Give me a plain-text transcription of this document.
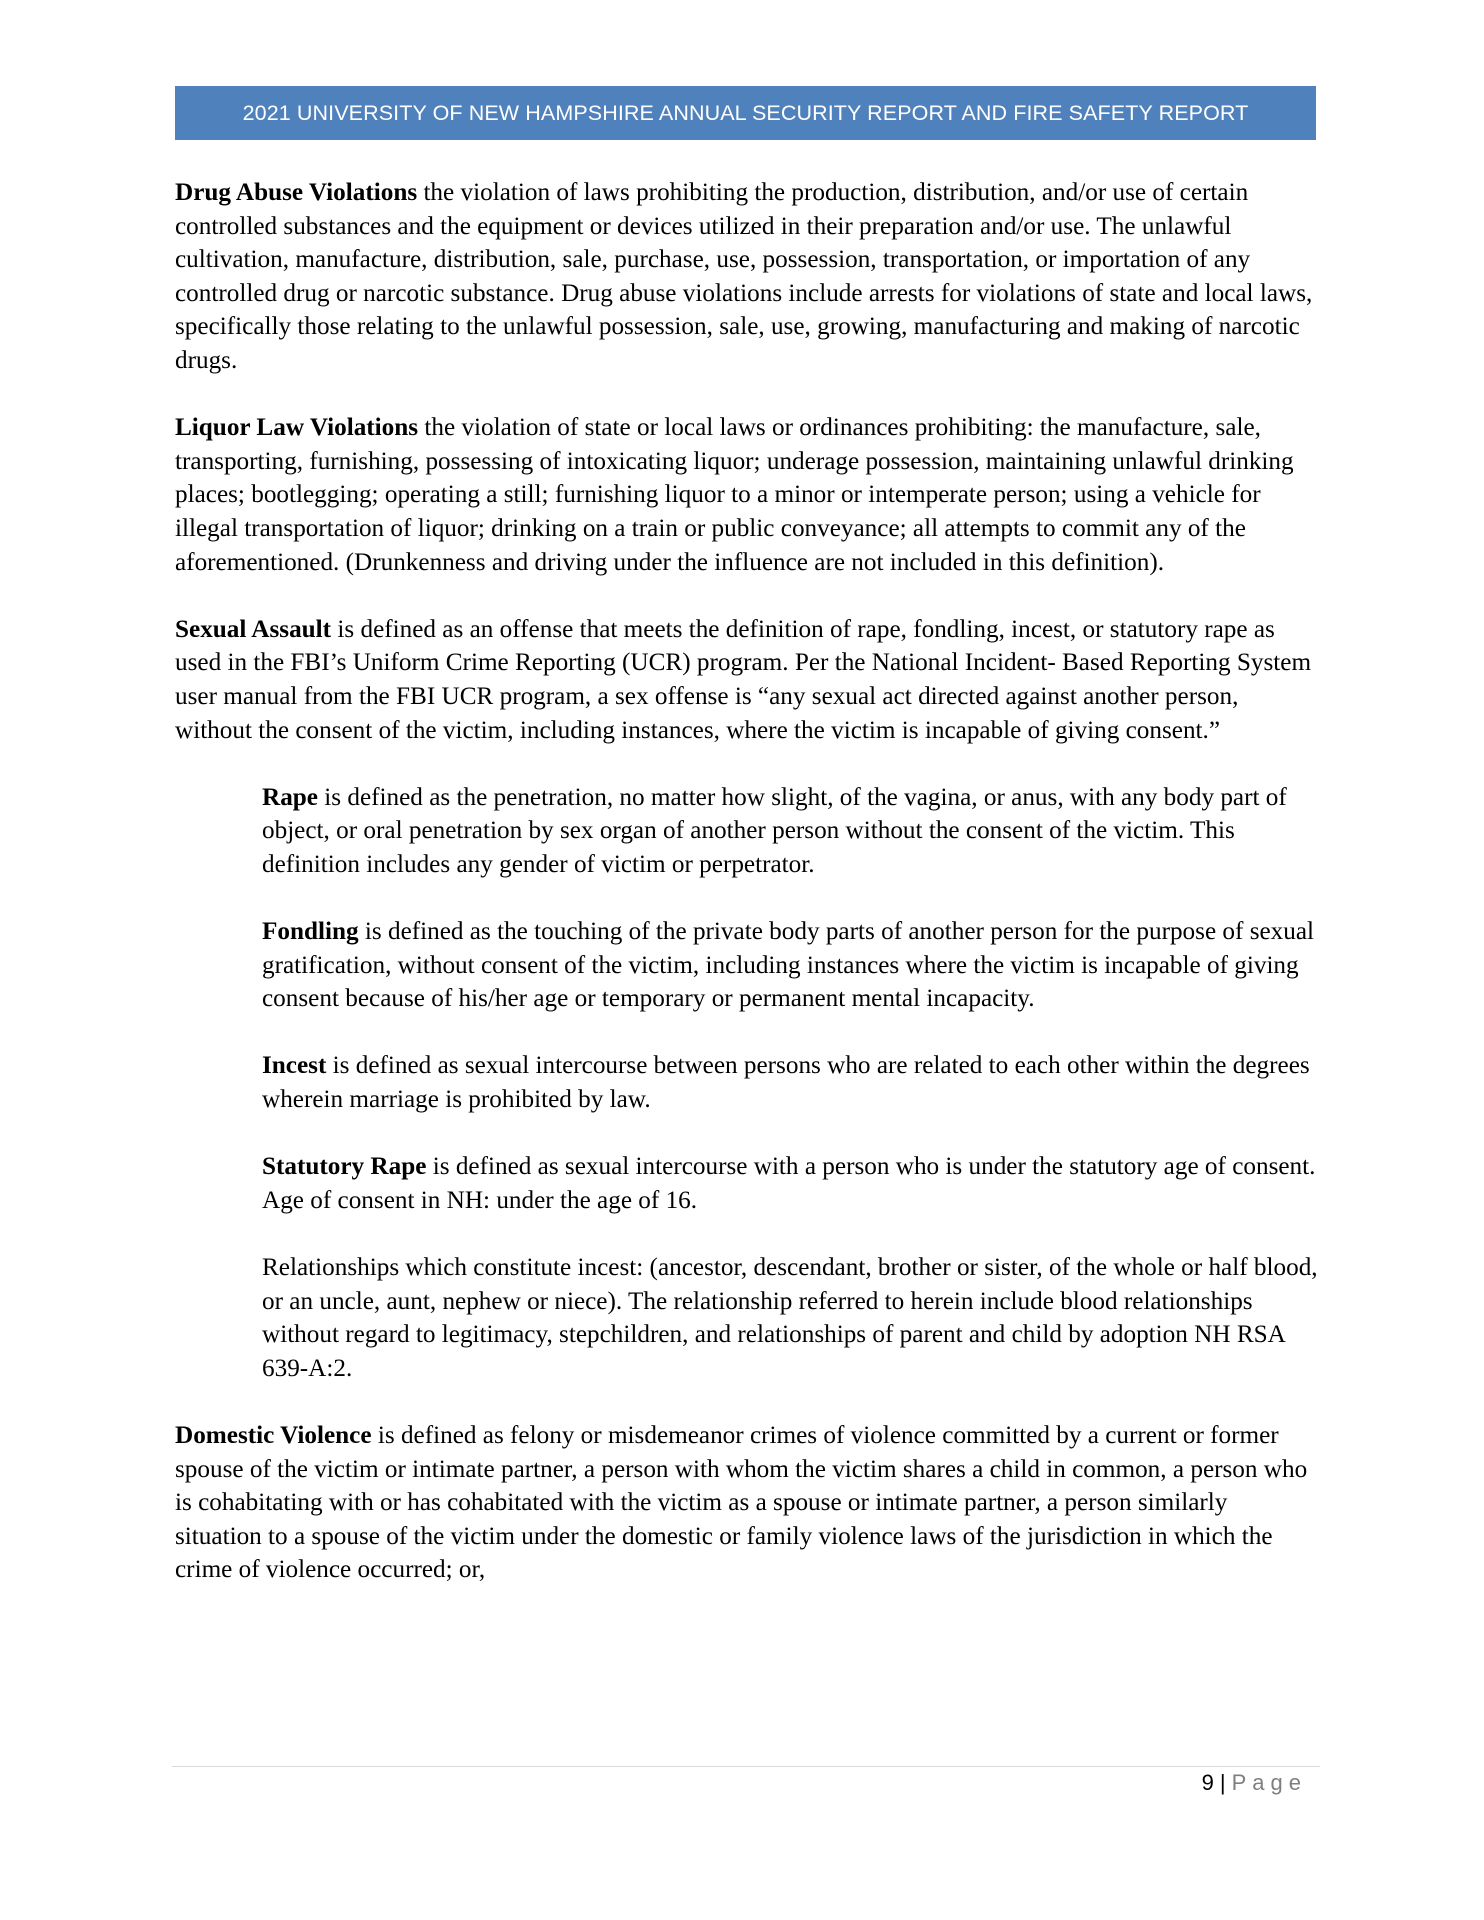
2021 UNIVERSITY OF NEW HAMPSHIRE ANNUAL SECURITY REPORT AND FIRE SAFETY REPORT

Drug Abuse Violations the violation of laws prohibiting the production, distribution, and/or use of certain controlled substances and the equipment or devices utilized in their preparation and/or use. The unlawful cultivation, manufacture, distribution, sale, purchase, use, possession, transportation, or importation of any controlled drug or narcotic substance. Drug abuse violations include arrests for violations of state and local laws, specifically those relating to the unlawful possession, sale, use, growing, manufacturing and making of narcotic drugs.

Liquor Law Violations the violation of state or local laws or ordinances prohibiting: the manufacture, sale, transporting, furnishing, possessing of intoxicating liquor; underage possession, maintaining unlawful drinking places; bootlegging; operating a still; furnishing liquor to a minor or intemperate person; using a vehicle for illegal transportation of liquor; drinking on a train or public conveyance; all attempts to commit any of the aforementioned. (Drunkenness and driving under the influence are not included in this definition).

Sexual Assault is defined as an offense that meets the definition of rape, fondling, incest, or statutory rape as used in the FBI’s Uniform Crime Reporting (UCR) program. Per the National Incident- Based Reporting System user manual from the FBI UCR program, a sex offense is “any sexual act directed against another person, without the consent of the victim, including instances, where the victim is incapable of giving consent.”

Rape is defined as the penetration, no matter how slight, of the vagina, or anus, with any body part of object, or oral penetration by sex organ of another person without the consent of the victim. This definition includes any gender of victim or perpetrator.

Fondling is defined as the touching of the private body parts of another person for the purpose of sexual gratification, without consent of the victim, including instances where the victim is incapable of giving consent because of his/her age or temporary or permanent mental incapacity.

Incest is defined as sexual intercourse between persons who are related to each other within the degrees wherein marriage is prohibited by law.

Statutory Rape is defined as sexual intercourse with a person who is under the statutory age of consent. Age of consent in NH: under the age of 16.

Relationships which constitute incest: (ancestor, descendant, brother or sister, of the whole or half blood, or an uncle, aunt, nephew or niece). The relationship referred to herein include blood relationships without regard to legitimacy, stepchildren, and relationships of parent and child by adoption NH RSA 639-A:2.

Domestic Violence is defined as felony or misdemeanor crimes of violence committed by a current or former spouse of the victim or intimate partner, a person with whom the victim shares a child in common, a person who is cohabitating with or has cohabitated with the victim as a spouse or intimate partner, a person similarly situation to a spouse of the victim under the domestic or family violence laws of the jurisdiction in which the crime of violence occurred; or,

9 | Page
